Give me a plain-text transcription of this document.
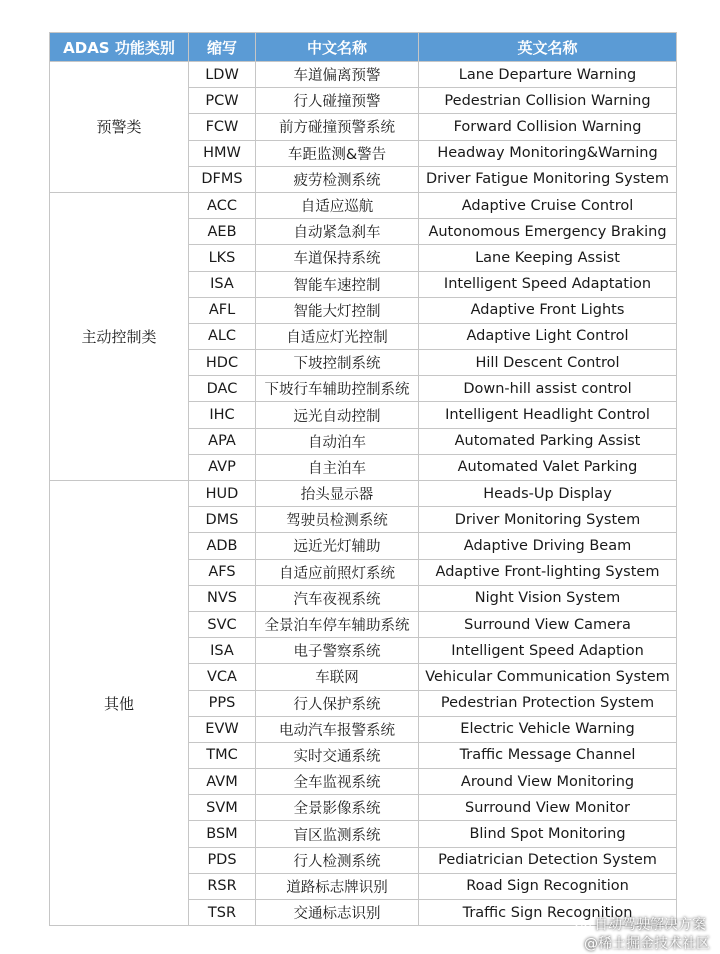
ADAS 功能类别	缩写	中文名称	英文名称
预警类	LDW	车道偏离预警	Lane Departure Warning
	PCW	行人碰撞预警	Pedestrian Collision Warning
	FCW	前方碰撞预警系统	Forward Collision Warning
	HMW	车距监测&警告	Headway Monitoring&Warning
	DFMS	疲劳检测系统	Driver Fatigue Monitoring System
主动控制类	ACC	自适应巡航	Adaptive Cruise Control
	AEB	自动紧急刹车	Autonomous Emergency Braking
	LKS	车道保持系统	Lane Keeping Assist
	ISA	智能车速控制	Intelligent Speed Adaptation
	AFL	智能大灯控制	Adaptive Front Lights
	ALC	自适应灯光控制	Adaptive Light Control
	HDC	下坡控制系统	Hill Descent Control
	DAC	下坡行车辅助控制系统	Down-hill assist control
	IHC	远光自动控制	Intelligent Headlight Control
	APA	自动泊车	Automated Parking Assist
	AVP	自主泊车	Automated Valet Parking
其他	HUD	抬头显示器	Heads-Up Display
	DMS	驾驶员检测系统	Driver Monitoring System
	ADB	远近光灯辅助	Adaptive Driving Beam
	AFS	自适应前照灯系统	Adaptive Front-lighting System
	NVS	汽车夜视系统	Night Vision System
	SVC	全景泊车停车辅助系统	Surround View Camera
	ISA	电子警察系统	Intelligent Speed Adaption
	VCA	车联网	Vehicular Communication System
	PPS	行人保护系统	Pedestrian Protection System
	EVW	电动汽车报警系统	Electric Vehicle Warning
	TMC	实时交通系统	Traffic Message Channel
	AVM	全车监视系统	Around View Monitoring
	SVM	全景影像系统	Surround View Monitor
	BSM	盲区监测系统	Blind Spot Monitoring
	PDS	行人检测系统	Pediatrician Detection System
	RSR	道路标志牌识别	Road Sign Recognition
	TSR	交通标志识别	Traffic Sign Recognition
自动驾驶解决方案
@稀土掘金技术社区
